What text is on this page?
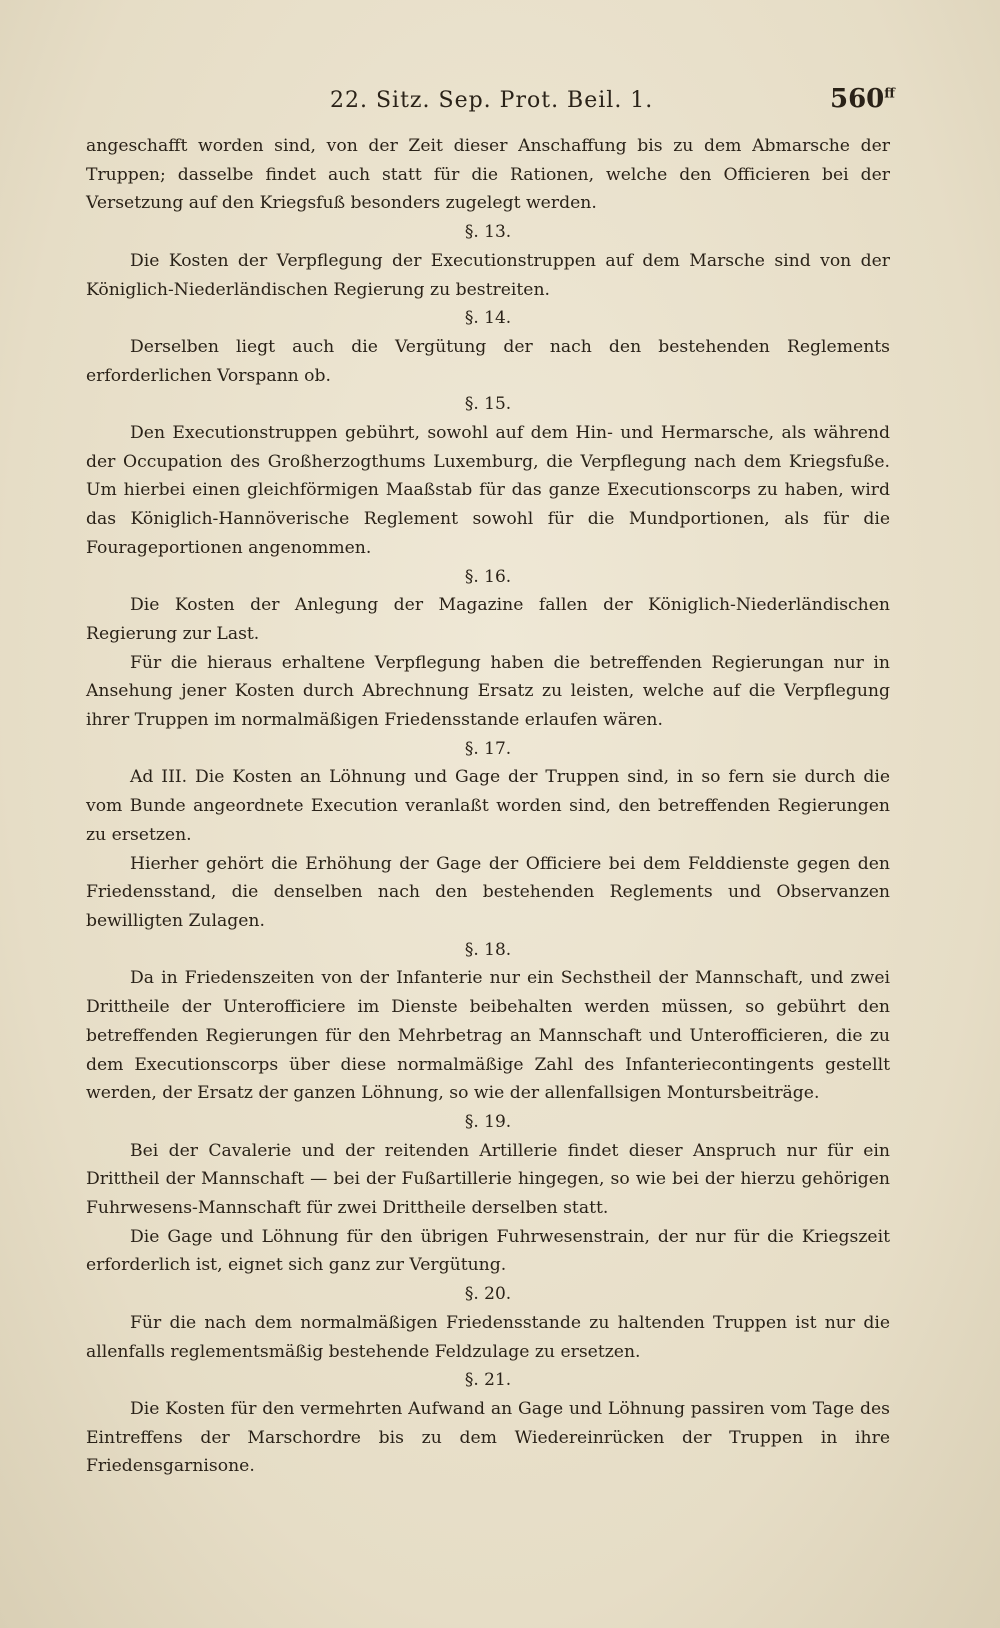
22. Sitz. Sep. Prot. Beil. 1.	$560^{ff}$

angeschafft worden sind, von der Zeit dieser Anschaffung bis zu dem Abmarsche der Truppen; dasselbe findet auch statt für die Rationen, welche den Officieren bei der Versetzung auf den Kriegsfuß besonders zugelegt werden.

§. 13.

Die Kosten der Verpflegung der Executionstruppen auf dem Marsche sind von der Königlich-Niederländischen Regierung zu bestreiten.

§. 14.

Derselben liegt auch die Vergütung der nach den bestehenden Reglements erforderlichen Vorspann ob.

§. 15.

Den Executionstruppen gebührt, sowohl auf dem Hin- und Hermarsche, als während der Occupation des Großherzogthums Luxemburg, die Verpflegung nach dem Kriegsfuße. Um hierbei einen gleichförmigen Maaßstab für das ganze Executionscorps zu haben, wird das Königlich-Hannöverische Reglement sowohl für die Mundportionen, als für die Fourageportionen angenommen.

§. 16.

Die Kosten der Anlegung der Magazine fallen der Königlich-Niederländischen Regierung zur Last.

Für die hieraus erhaltene Verpflegung haben die betreffenden Regierungan nur in Ansehung jener Kosten durch Abrechnung Ersatz zu leisten, welche auf die Verpflegung ihrer Truppen im normalmäßigen Friedensstande erlaufen wären.

§. 17.

Ad III. Die Kosten an Löhnung und Gage der Truppen sind, in so fern sie durch die vom Bunde angeordnete Execution veranlaßt worden sind, den betreffenden Regierungen zu ersetzen.

Hierher gehört die Erhöhung der Gage der Officiere bei dem Felddienste gegen den Friedensstand, die denselben nach den bestehenden Reglements und Observanzen bewilligten Zulagen.

§. 18.

Da in Friedenszeiten von der Infanterie nur ein Sechstheil der Mannschaft, und zwei Drittheile der Unterofficiere im Dienste beibehalten werden müssen, so gebührt den betreffenden Regierungen für den Mehrbetrag an Mannschaft und Unterofficieren, die zu dem Executionscorps über diese normalmäßige Zahl des Infanteriecontingents gestellt werden, der Ersatz der ganzen Löhnung, so wie der allenfallsigen Montursbeiträge.

§. 19.

Bei der Cavalerie und der reitenden Artillerie findet dieser Anspruch nur für ein Drittheil der Mannschaft — bei der Fußartillerie hingegen, so wie bei der hierzu gehörigen Fuhrwesens-Mannschaft für zwei Drittheile derselben statt.

Die Gage und Löhnung für den übrigen Fuhrwesenstrain, der nur für die Kriegszeit erforderlich ist, eignet sich ganz zur Vergütung.

§. 20.

Für die nach dem normalmäßigen Friedensstande zu haltenden Truppen ist nur die allenfalls reglementsmäßig bestehende Feldzulage zu ersetzen.

§. 21.

Die Kosten für den vermehrten Aufwand an Gage und Löhnung passiren vom Tage des Eintreffens der Marschordre bis zu dem Wiedereinrücken der Truppen in ihre Friedensgarnisone.
